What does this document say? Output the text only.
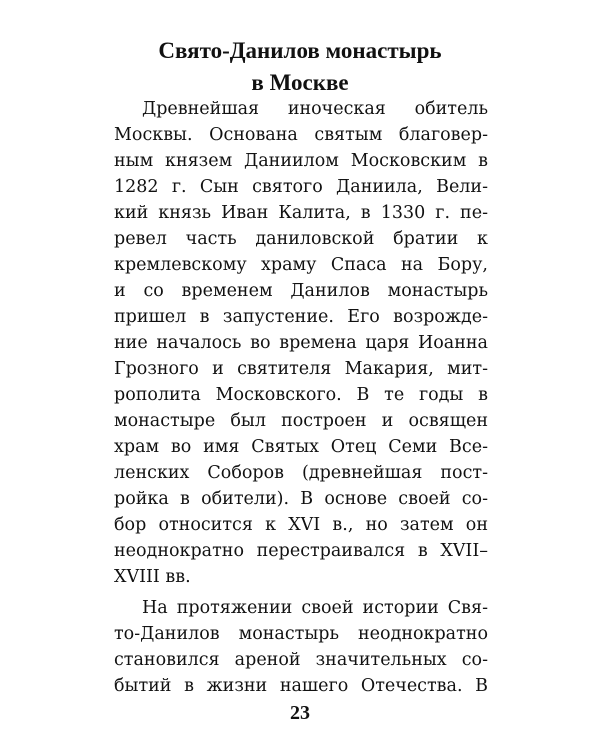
Свято-Данилов монастырь
в Москве
Древнейшая иноческая обитель
Москвы. Основана святым благовер-
ным князем Даниилом Московским в
1282 г. Сын святого Даниила, Вели-
кий князь Иван Калита, в 1330 г. пе-
ревел часть даниловской братии к
кремлевскому храму Спаса на Бору,
и со временем Данилов монастырь
пришел в запустение. Его возрожде-
ние началось во времена царя Иоанна
Грозного и святителя Макария, мит-
рополита Московского. В те годы в
монастыре был построен и освящен
храм во имя Святых Отец Семи Все-
ленских Соборов (древнейшая пост-
ройка в обители). В основе своей со-
бор относится к XVI в., но затем он
неоднократно перестраивался в XVII–
XVIII вв.
На протяжении своей истории Свя-
то-Данилов монастырь неоднократно
становился ареной значительных со-
бытий в жизни нашего Отечества. В
23
